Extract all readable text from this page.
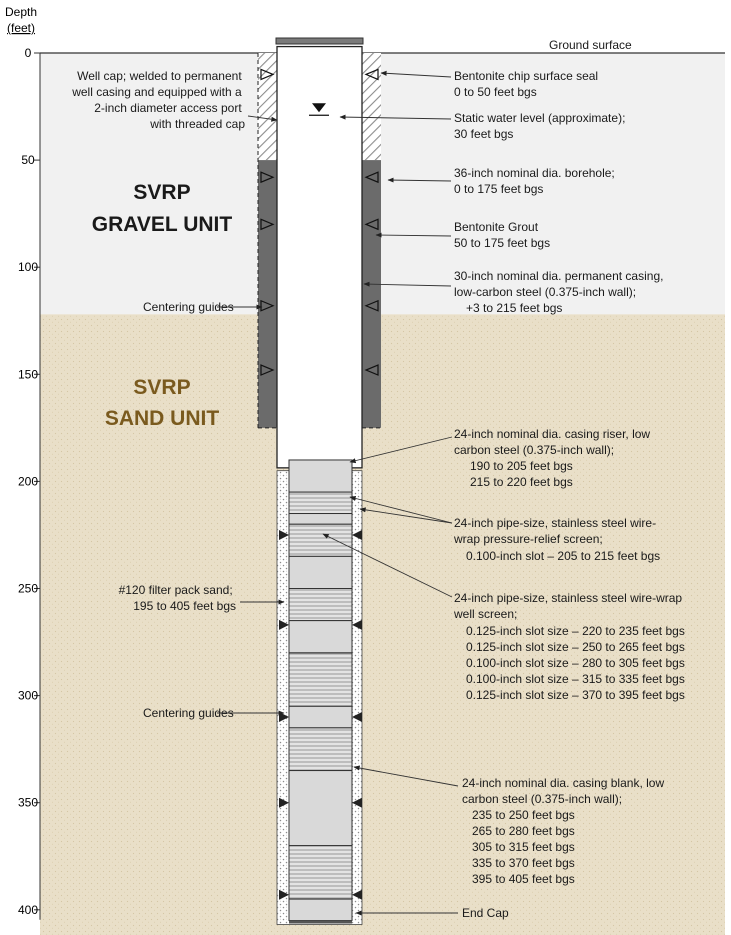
Depth
(feet)
0
50
100
150
200
250
300
350
400
SVRP
GRAVEL UNIT
SVRP
SAND UNIT
Ground surface
Well cap; welded to permanent well casing and equipped with a 2-inch diameter access port with threaded cap
Bentonite chip surface seal 0 to 50 feet bgs
Static water level (approximate); 30 feet bgs
36-inch nominal dia. borehole; 0 to 175 feet bgs
Bentonite Grout 50 to 175 feet bgs
30-inch nominal dia. permanent casing, low-carbon steel (0.375-inch wall); +3 to 215 feet bgs
Centering guides
24-inch nominal dia. casing riser, low carbon steel (0.375-inch wall); 190 to 205 feet bgs 215 to 220 feet bgs
24-inch pipe-size, stainless steel wire- wrap pressure-relief screen; 0.100-inch slot – 205 to 215 feet bgs
#120 filter pack sand; 195 to 405 feet bgs
24-inch pipe-size, stainless steel wire-wrap well screen; 0.125-inch slot size – 220 to 235 feet bgs 0.125-inch slot size – 250 to 265 feet bgs 0.100-inch slot size – 280 to 305 feet bgs 0.100-inch slot size – 315 to 335 feet bgs 0.125-inch slot size – 370 to 395 feet bgs
Centering guides
24-inch nominal dia. casing blank, low carbon steel (0.375-inch wall); 235 to 250 feet bgs 265 to 280 feet bgs 305 to 315 feet bgs 335 to 370 feet bgs 395 to 405 feet bgs
End Cap
